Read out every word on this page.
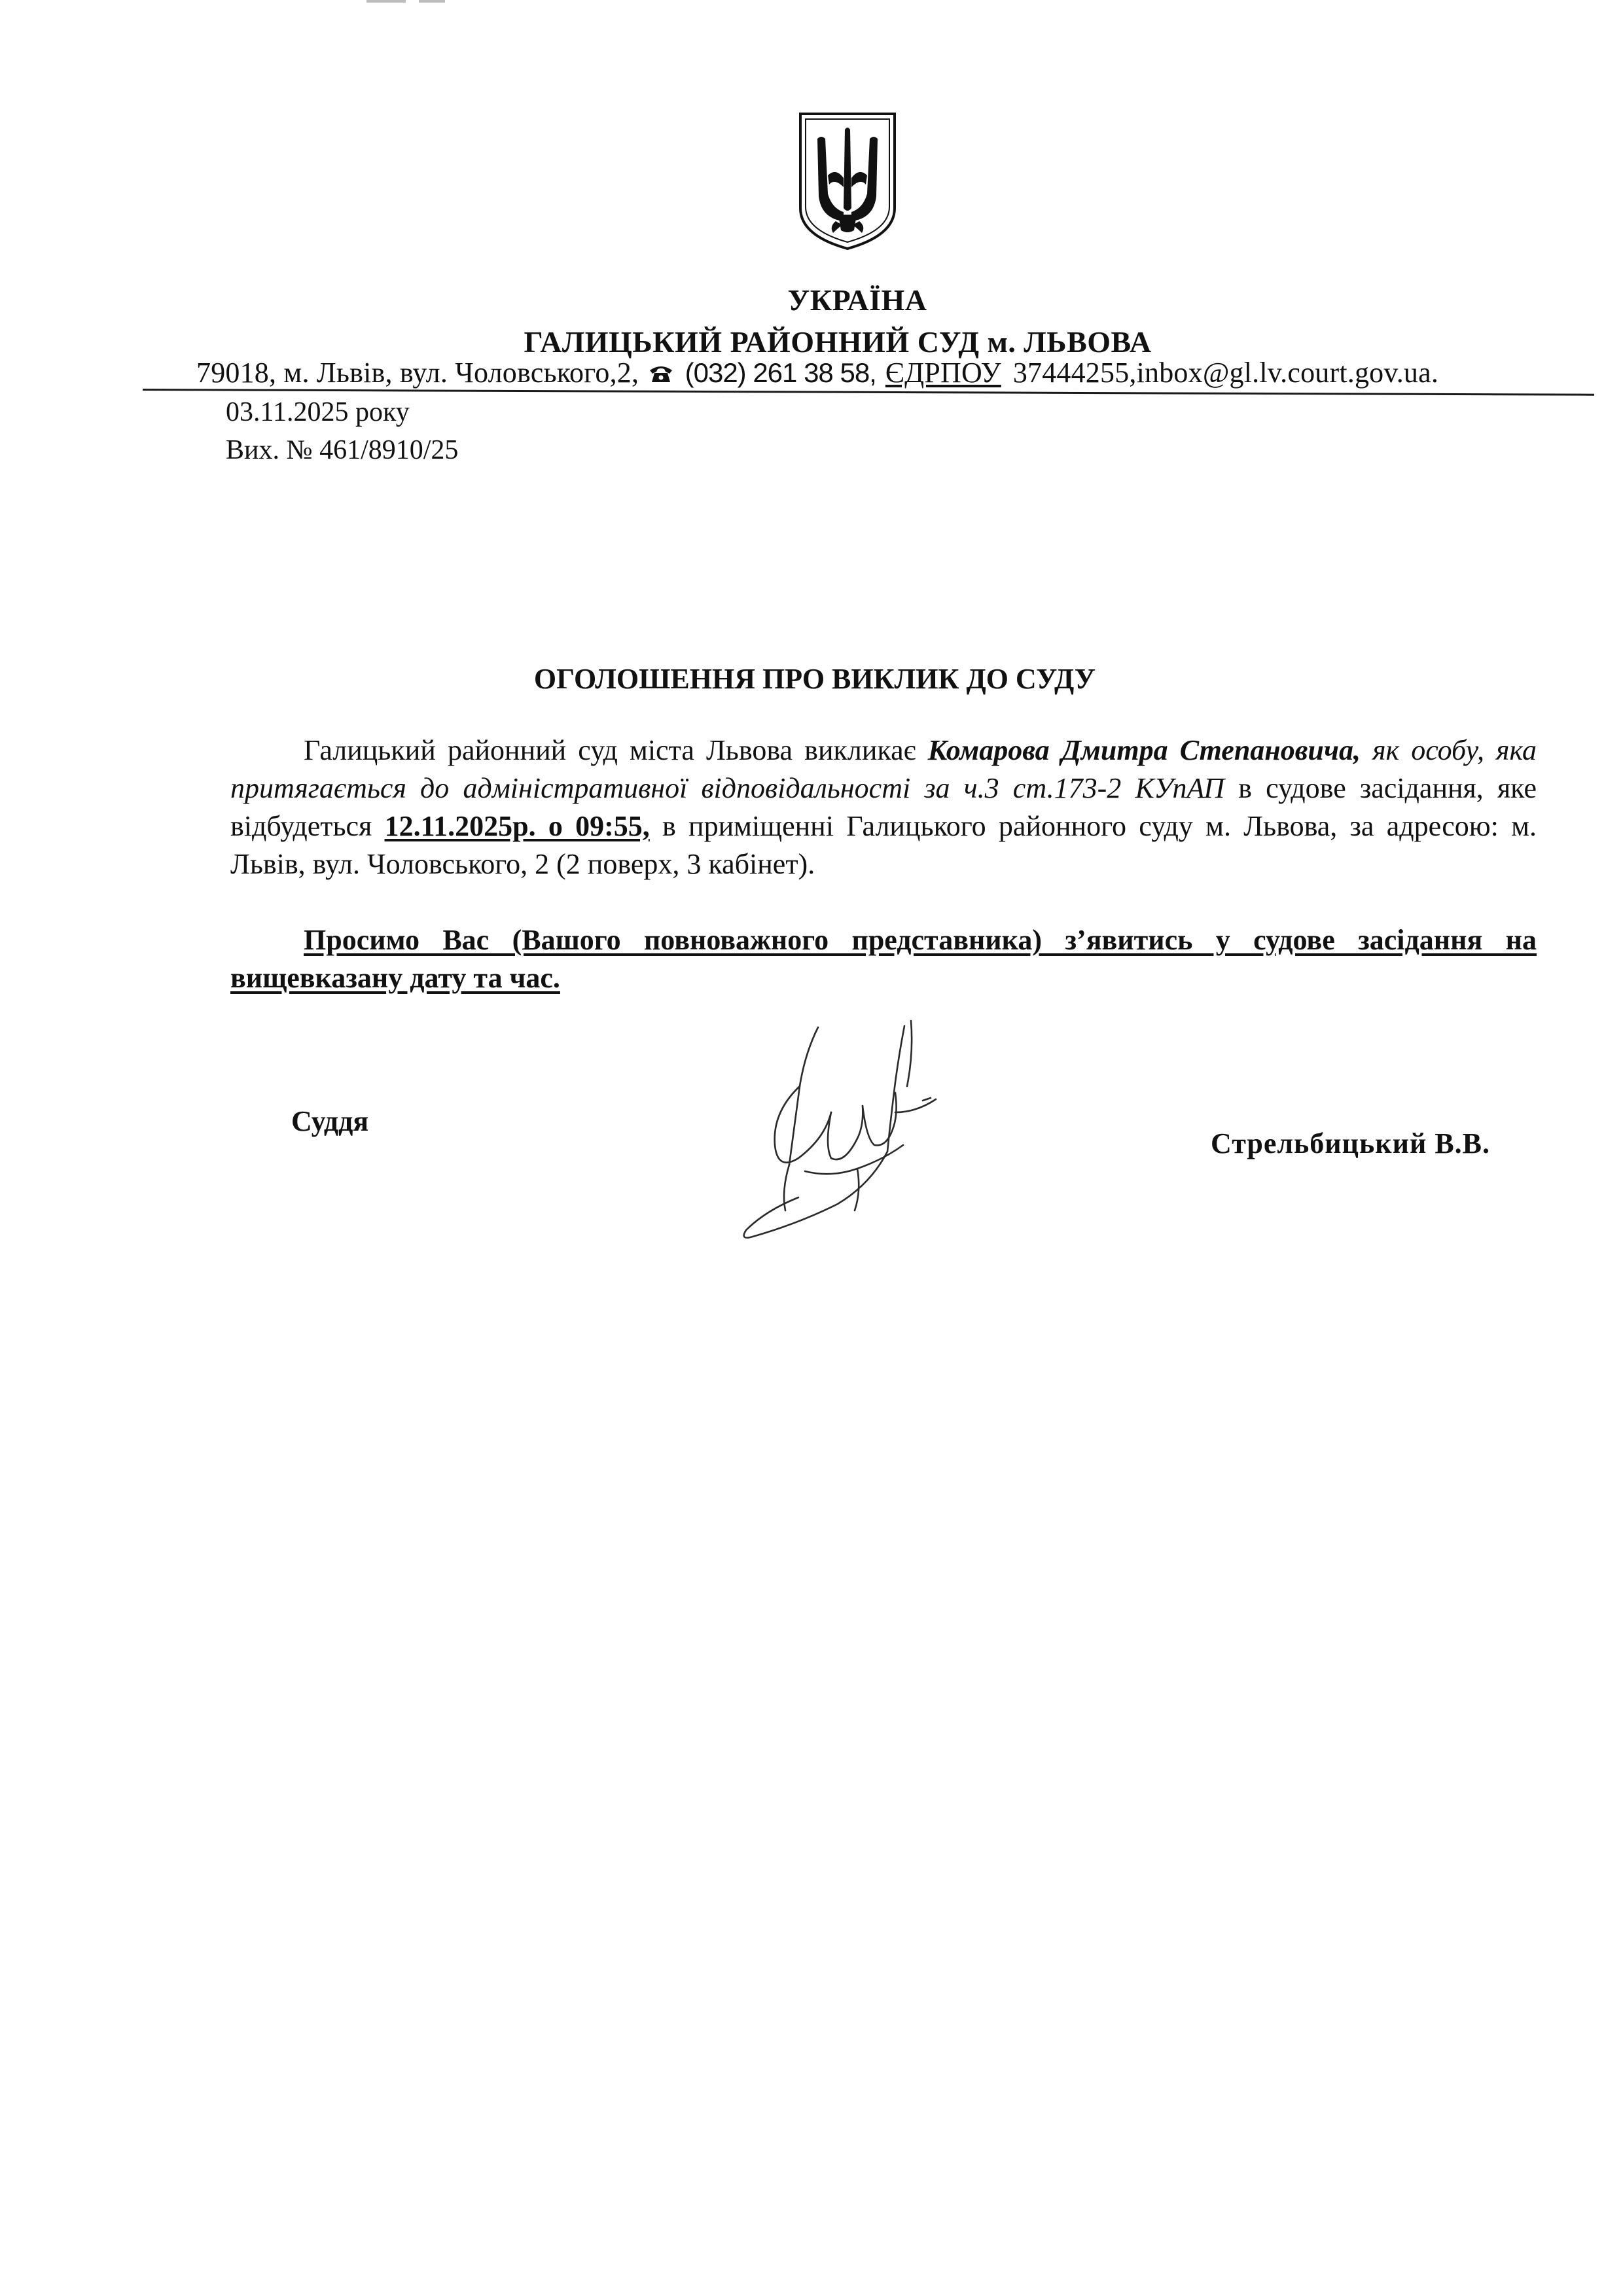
УКРАЇНА
ГАЛИЦЬКИЙ РАЙОННИЙ СУД м. ЛЬВОВА
79018, м. Львів, вул. Чоловського,2, (032) 261 38 58, ЄДРПОУ 37444255,inbox@gl.lv.court.gov.ua.
03.11.2025 року
Вих. № 461/8910/25
ОГОЛОШЕННЯ ПРО ВИКЛИК ДО СУДУ
Галицький районний суд міста Львова викликає Комарова Дмитра Степановича, як особу, яка притягається до адміністративної відповідальності за ч.3 ст.173-2 КУпАП в судове засідання, яке відбудеться 12.11.2025р. о 09:55, в приміщенні Галицького районного суду м. Львова, за адресою: м. Львів, вул. Чоловського, 2 (2 поверх, 3 кабінет).
Просимо Вас (Вашого повноважного представника) з’явитись у судове засідання на вищевказану дату та час.
Суддя
Стрельбицький В.В.
